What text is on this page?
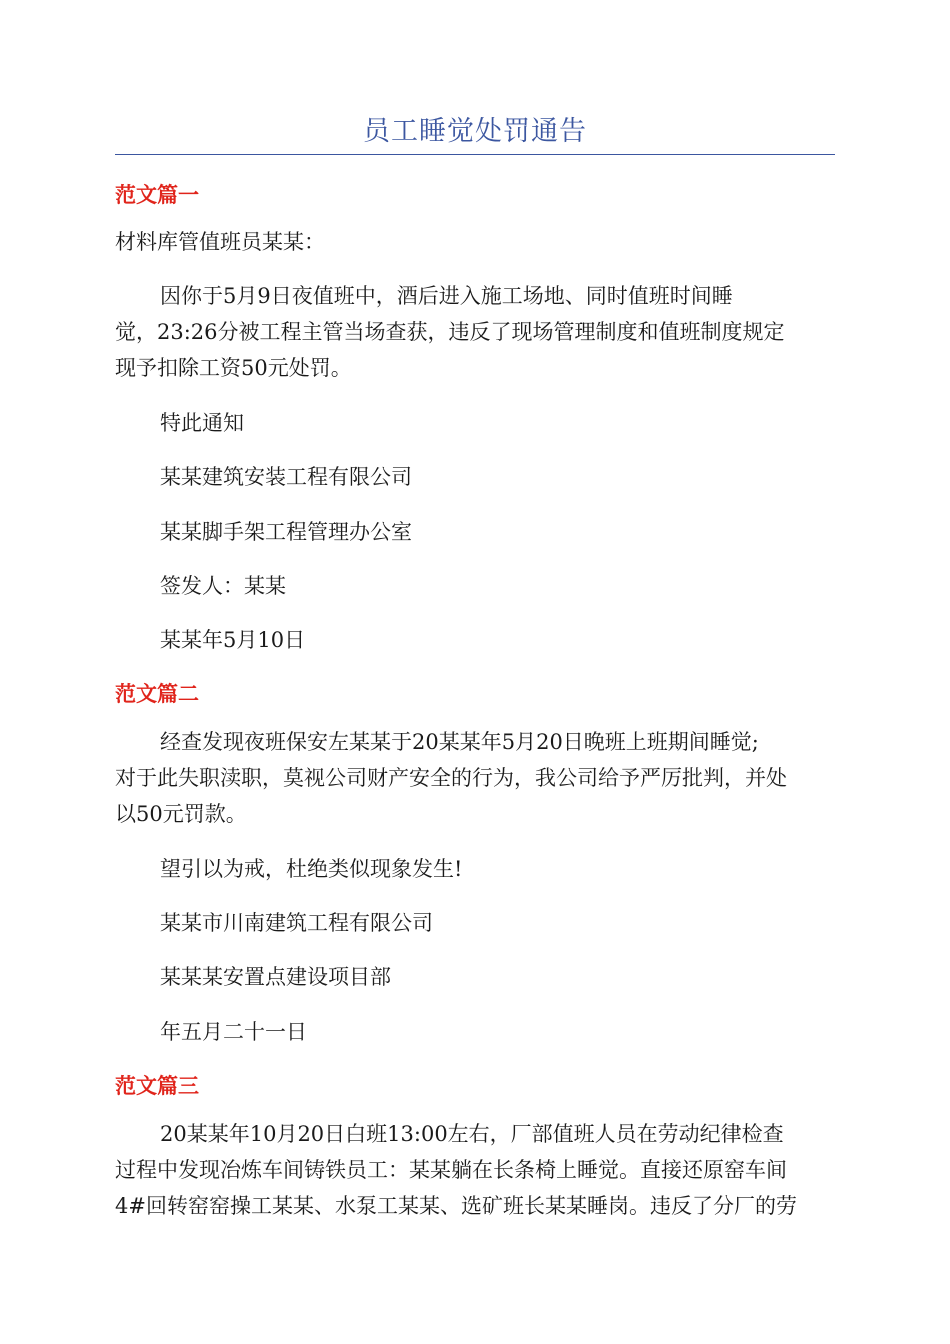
员工睡觉处罚通告
范文篇一
材料库管值班员某某：
因你于5月9日夜值班中，酒后进入施工场地、同时值班时间睡
觉，23:26分被工程主管当场查获，违反了现场管理制度和值班制度规定
现予扣除工资50元处罚。
特此通知
某某建筑安装工程有限公司
某某脚手架工程管理办公室
签发人：某某
某某年5月10日
范文篇二
经查发现夜班保安左某某于20某某年5月20日晚班上班期间睡觉;
对于此失职渎职，莫视公司财产安全的行为，我公司给予严厉批判，并处
以50元罚款。
望引以为戒，杜绝类似现象发生!
某某市川南建筑工程有限公司
某某某安置点建设项目部
年五月二十一日
范文篇三
20某某年10月20日白班13:00左右，厂部值班人员在劳动纪律检查
过程中发现冶炼车间铸铁员工：某某躺在长条椅上睡觉。直接还原窑车间
4#回转窑窑操工某某、水泵工某某、选矿班长某某睡岗。违反了分厂的劳
